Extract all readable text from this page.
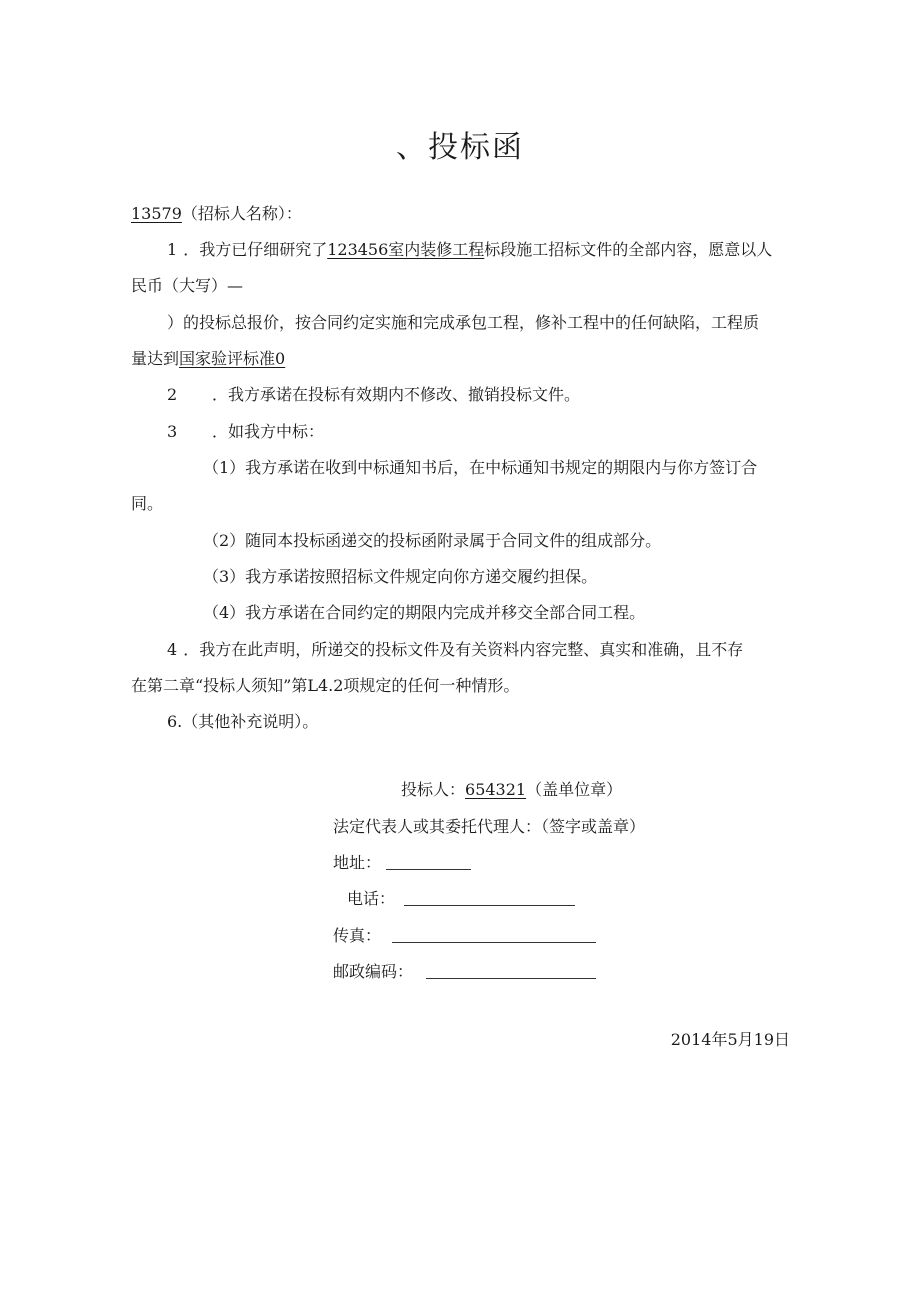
、投标函
13579（招标人名称）：
1 ．我方已仔细研究了123456室内装修工程标段施工招标文件的全部内容，愿意以人
民币（大写）—
）的投标总报价，按合同约定实施和完成承包工程，修补工程中的任何缺陷，工程质
量达到国家验评标准0
2 ．我方承诺在投标有效期内不修改、撤销投标文件。
3 ．如我方中标：
（1）我方承诺在收到中标通知书后，在中标通知书规定的期限内与你方签订合
同。
（2）随同本投标函递交的投标函附录属于合同文件的组成部分。
（3）我方承诺按照招标文件规定向你方递交履约担保。
（4）我方承诺在合同约定的期限内完成并移交全部合同工程。
4 ．我方在此声明，所递交的投标文件及有关资料内容完整、真实和准确，且不存
在第二章“投标人须知”第L4.2项规定的任何一种情形。
6.（其他补充说明）。
投标人：654321（盖单位章）
法定代表人或其委托代理人：（签字或盖章）
地址：
电话：
传真：
邮政编码：
2014年5月19日
